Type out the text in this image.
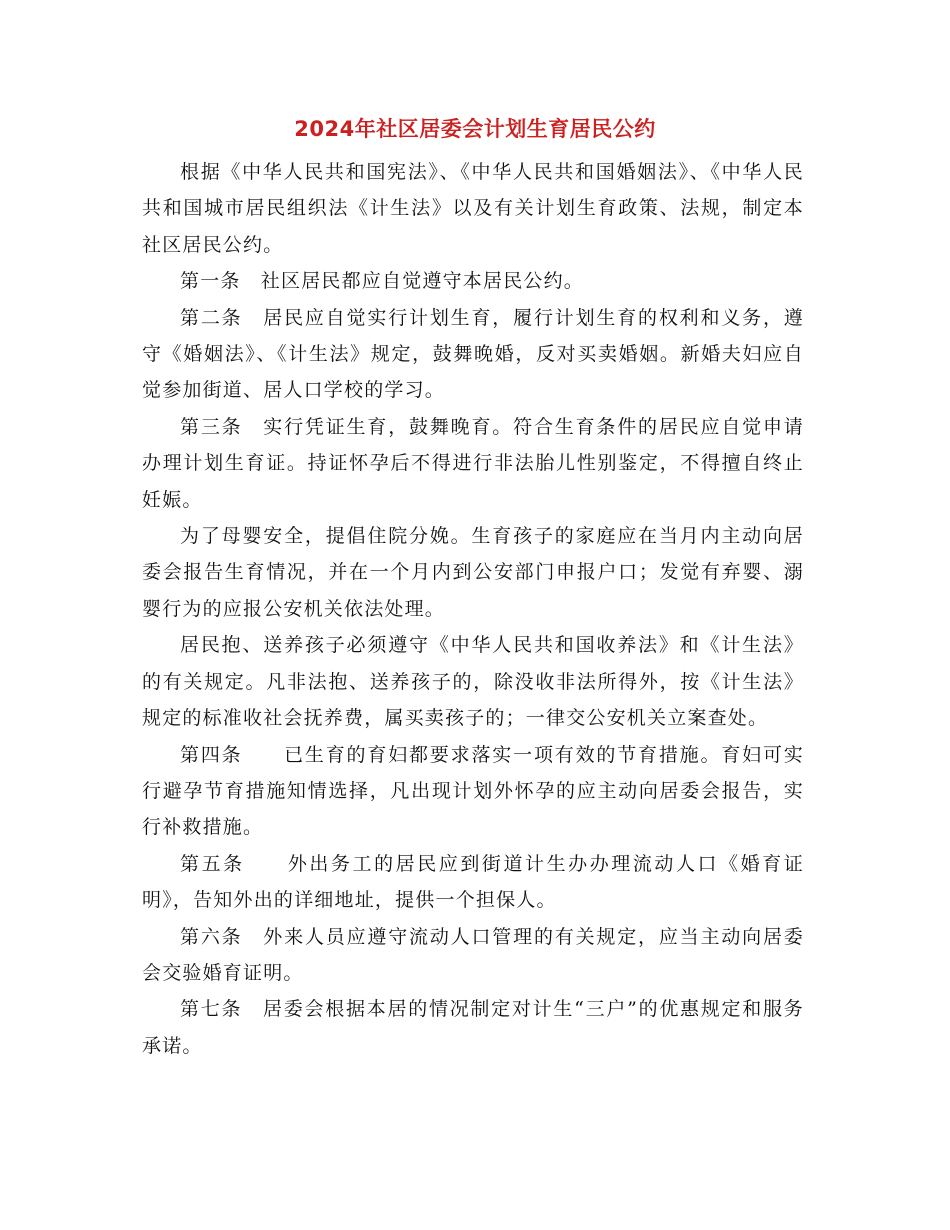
2024年社区居委会计划生育居民公约

根据《中华人民共和国宪法》、《中华人民共和国婚姻法》、《中华人民共和国城市居民组织法《计生法》以及有关计划生育政策、法规，制定本社区居民公约。

第一条　社区居民都应自觉遵守本居民公约。

第二条　居民应自觉实行计划生育，履行计划生育的权利和义务，遵守《婚姻法》、《计生法》规定，鼓舞晚婚，反对买卖婚姻。新婚夫妇应自觉参加街道、居人口学校的学习。

第三条　实行凭证生育，鼓舞晚育。符合生育条件的居民应自觉申请办理计划生育证。持证怀孕后不得进行非法胎儿性别鉴定，不得擅自终止妊娠。

为了母婴安全，提倡住院分娩。生育孩子的家庭应在当月内主动向居委会报告生育情况，并在一个月内到公安部门申报户口；发觉有弃婴、溺婴行为的应报公安机关依法处理。

居民抱、送养孩子必须遵守《中华人民共和国收养法》和《计生法》的有关规定。凡非法抱、送养孩子的，除没收非法所得外，按《计生法》规定的标准收社会抚养费，属买卖孩子的；一律交公安机关立案查处。

第四条　　已生育的育妇都要求落实一项有效的节育措施。育妇可实行避孕节育措施知情选择，凡出现计划外怀孕的应主动向居委会报告，实行补救措施。

第五条　　外出务工的居民应到街道计生办办理流动人口《婚育证明》，告知外出的详细地址，提供一个担保人。

第六条　外来人员应遵守流动人口管理的有关规定，应当主动向居委会交验婚育证明。

第七条　居委会根据本居的情况制定对计生“三户”的优惠规定和服务承诺。
